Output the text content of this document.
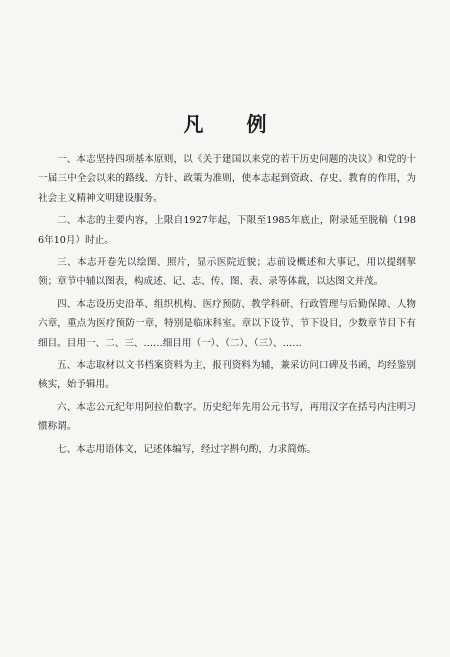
凡 例

一、本志坚持四项基本原则，以《关于建国以来党的若干历史问题的决议》和党的十一届三中全会以来的路线、方针、政策为准则，使本志起到资政、存史、教育的作用，为社会主义精神文明建设服务。

二、本志的主要内容，上限自1927年起，下限至1985年底止，附录延至脱稿（1986年10月）时止。

三、本志开卷先以绘图、照片，显示医院近貌；志前设概述和大事记，用以提纲挈领；章节中辅以图表，构成述、记、志、传、图、表、录等体裁，以达图文并茂。

四、本志设历史沿革、组织机构、医疗预防、教学科研、行政管理与后勤保障、人物六章，重点为医疗预防一章，特别是临床科室。章以下设节、节下设目，少数章节目下有细目。目用一、二、三、……细目用（一）、（二）、（三）、……

五、本志取材以文书档案资料为主，报刊资料为辅，兼采访问口碑及书函，均经鉴别核实，始予辑用。

六、本志公元纪年用阿拉伯数字。历史纪年先用公元书写，再用汉字在括号内注明习惯称谓。

七、本志用语体文，记述体编写，经过字斟句酌，力求简炼。
